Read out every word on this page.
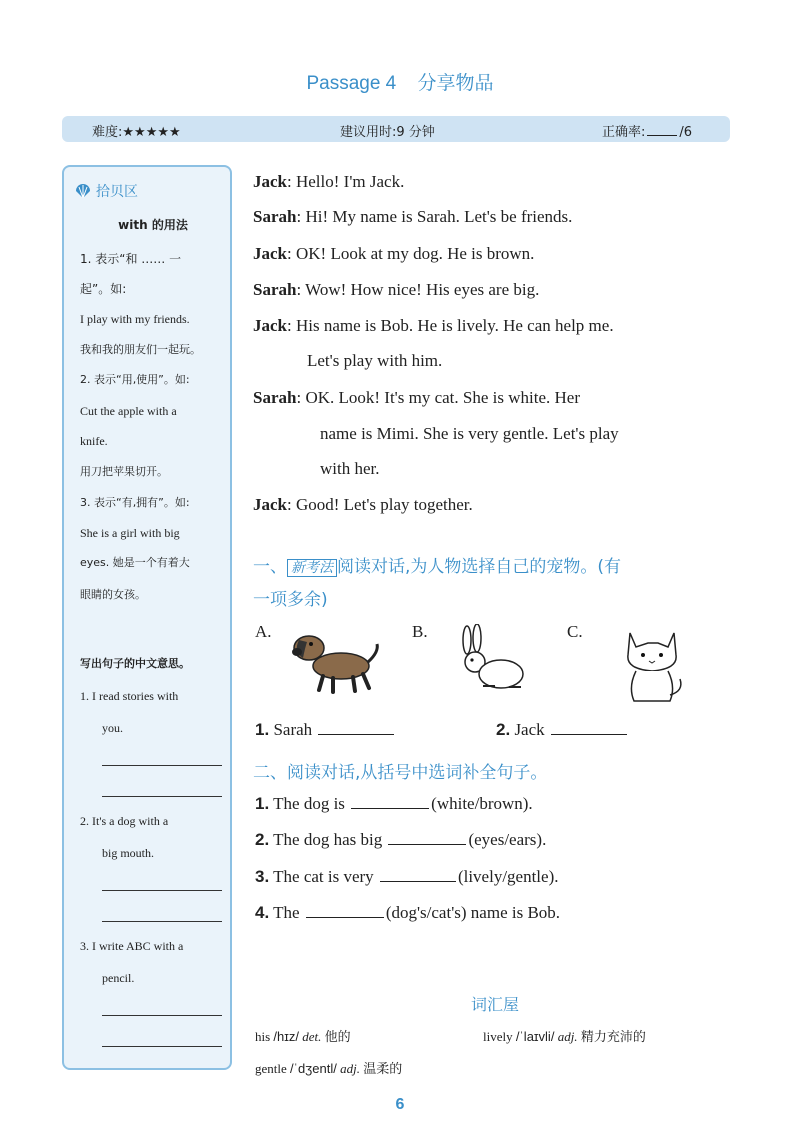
Passage 4 分享物品
难度:★★★★★	建议用时:9 分钟	正确率:	/6
拾贝区
with 的用法
1. 表示“和 …… 一
起”。如:
I play with my friends.
我和我的朋友们一起玩。
2. 表示“用,使用”。如:
Cut the apple with a
knife.
用刀把苹果切开。
3. 表示“有,拥有”。如:
She is a girl with big
eyes. 她是一个有着大
眼睛的女孩。
写出句子的中文意思。
1. I read stories with
you.
2. It's a dog with a
big mouth.
3. I write ABC with a
pencil.
Jack: Hello! I'm Jack.
Sarah: Hi! My name is Sarah. Let's be friends.
Jack: OK! Look at my dog. He is brown.
Sarah: Wow! How nice! His eyes are big.
Jack: His name is Bob. He is lively. He can help me.
Let's play with him.
Sarah: OK. Look! It's my cat. She is white. Her
name is Mimi. She is very gentle. Let's play
with her.
Jack: Good! Let's play together.
一、 新考法 阅读对话,为人物选择自己的宠物。(有
一项多余)
A.	B.	C.
1. Sarah	2. Jack
二、阅读对话,从括号中选词补全句子。
1. The dog is	(white/brown).
2. The dog has big	(eyes/ears).
3. The cat is very	(lively/gentle).
4. The	(dog's/cat's) name is Bob.
词汇屋
his /hɪz/ det. 他的	lively /ˈlaɪvli/ adj. 精力充沛的
gentle /ˈdʒentl/ adj. 温柔的
6
